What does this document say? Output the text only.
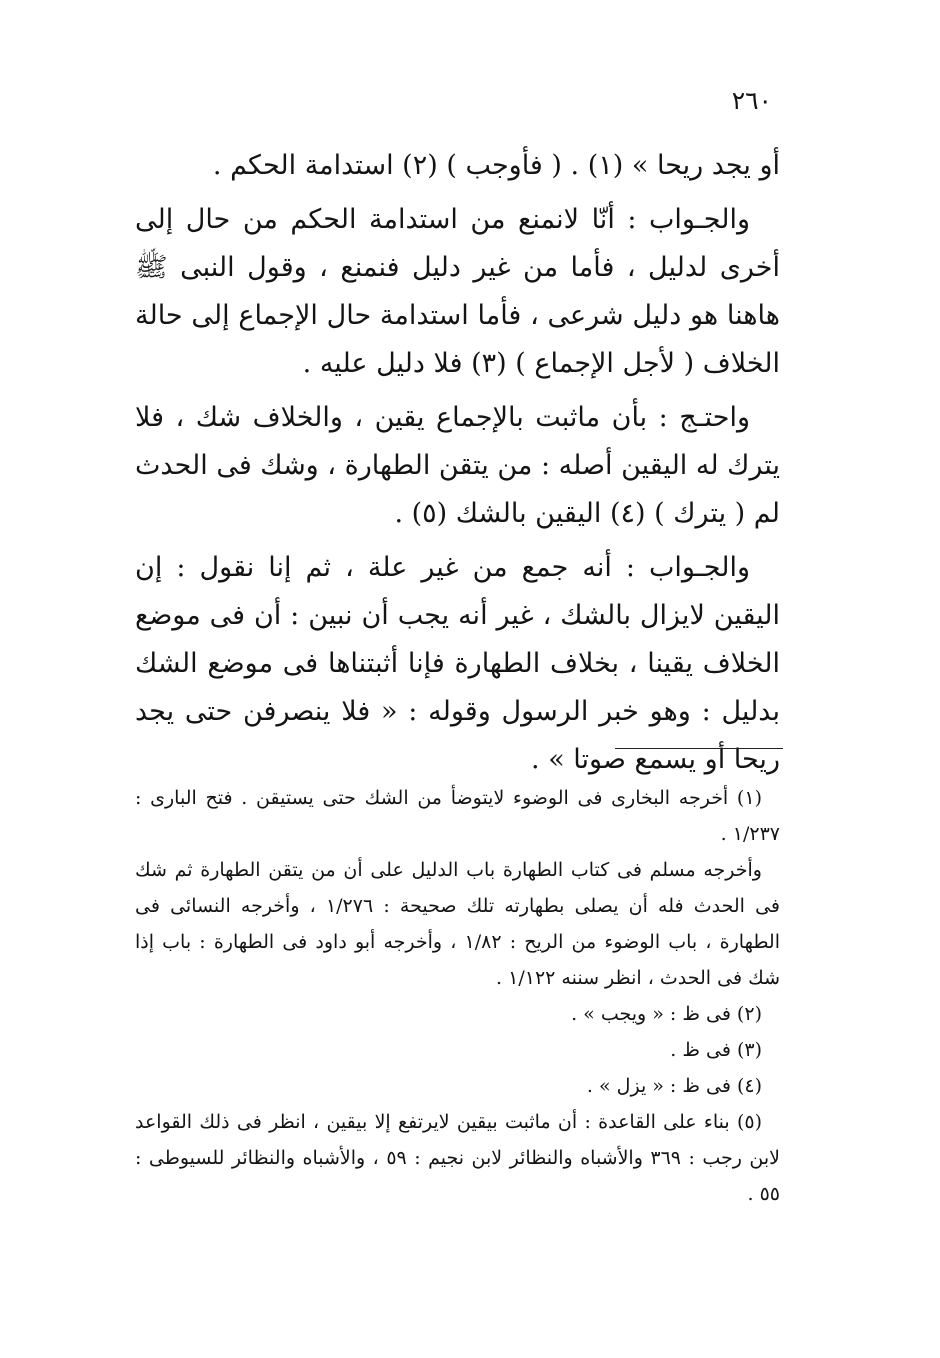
٢٦٠

أو يجد ريحا » (١) . ( فأوجب ) (٢) استدامة الحكم .

والجـواب : أنّا لانمنع من استدامة الحكم من حال إلى أخرى لدليل ، فأما من غير دليل فنمنع ، وقول النبى ﷺ هاهنا هو دليل شرعى ، فأما استدامة حال الإجماع إلى حالة الخلاف ( لأجل الإجماع ) (٣) فلا دليل عليه .

واحتـج : بأن ماثبت بالإجماع يقين ، والخلاف شك ، فلا يترك له اليقين أصله : من يتقن الطهارة ، وشك فى الحدث لم ( يترك ) (٤) اليقين بالشك (٥) .

والجـواب : أنه جمع من غير علة ، ثم إنا نقول : إن اليقين لايزال بالشك ، غير أنه يجب أن نبين : أن فى موضع الخلاف يقينا ، بخلاف الطهارة فإنا أثبتناها فى موضع الشك بدليل : وهو خبر الرسول وقوله : « فلا ينصرفن حتى يجد ريحا أو يسمع صوتا » .

(١) أخرجه البخارى فى الوضوء لايتوضأ من الشك حتى يستيقن . فتح البارى : ١/٢٣٧ .

وأخرجه مسلم فى كتاب الطهارة باب الدليل على أن من يتقن الطهارة ثم شك فى الحدث فله أن يصلى بطهارته تلك صحيحة : ١/٢٧٦ ، وأخرجه النسائى فى الطهارة ، باب الوضوء من الريح : ١/٨٢ ، وأخرجه أبو داود فى الطهارة : باب إذا شك فى الحدث ، انظر سننه ١/١٢٢ .

(٢) فى ظ : « ويجب » .

(٣) فى ظ .

(٤) فى ظ : « يزل » .

(٥) بناء على القاعدة : أن ماثبت بيقين لايرتفع إلا بيقين ، انظر فى ذلك القواعد لابن رجب : ٣٦٩ والأشباه والنظائر لابن نجيم : ٥٩ ، والأشباه والنظائر للسيوطى : ٥٥ .
